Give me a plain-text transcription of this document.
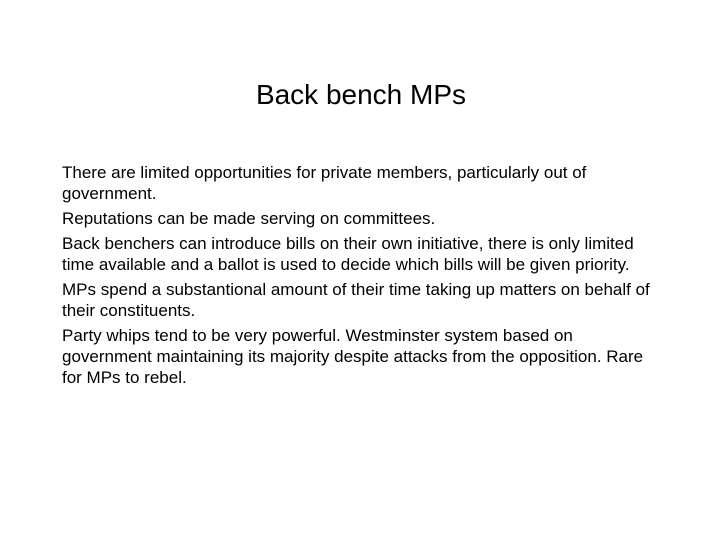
Back bench MPs
There are limited opportunities for private members, particularly out of government.
Reputations can be made serving on committees.
Back benchers can introduce bills on their own initiative, there is only limited time available and a ballot is used to decide which bills will be given priority.
MPs spend a substantional amount of their time taking up matters on behalf of their constituents.
Party whips tend to be very powerful. Westminster system based on government maintaining its majority despite attacks from the opposition. Rare for MPs to rebel.
